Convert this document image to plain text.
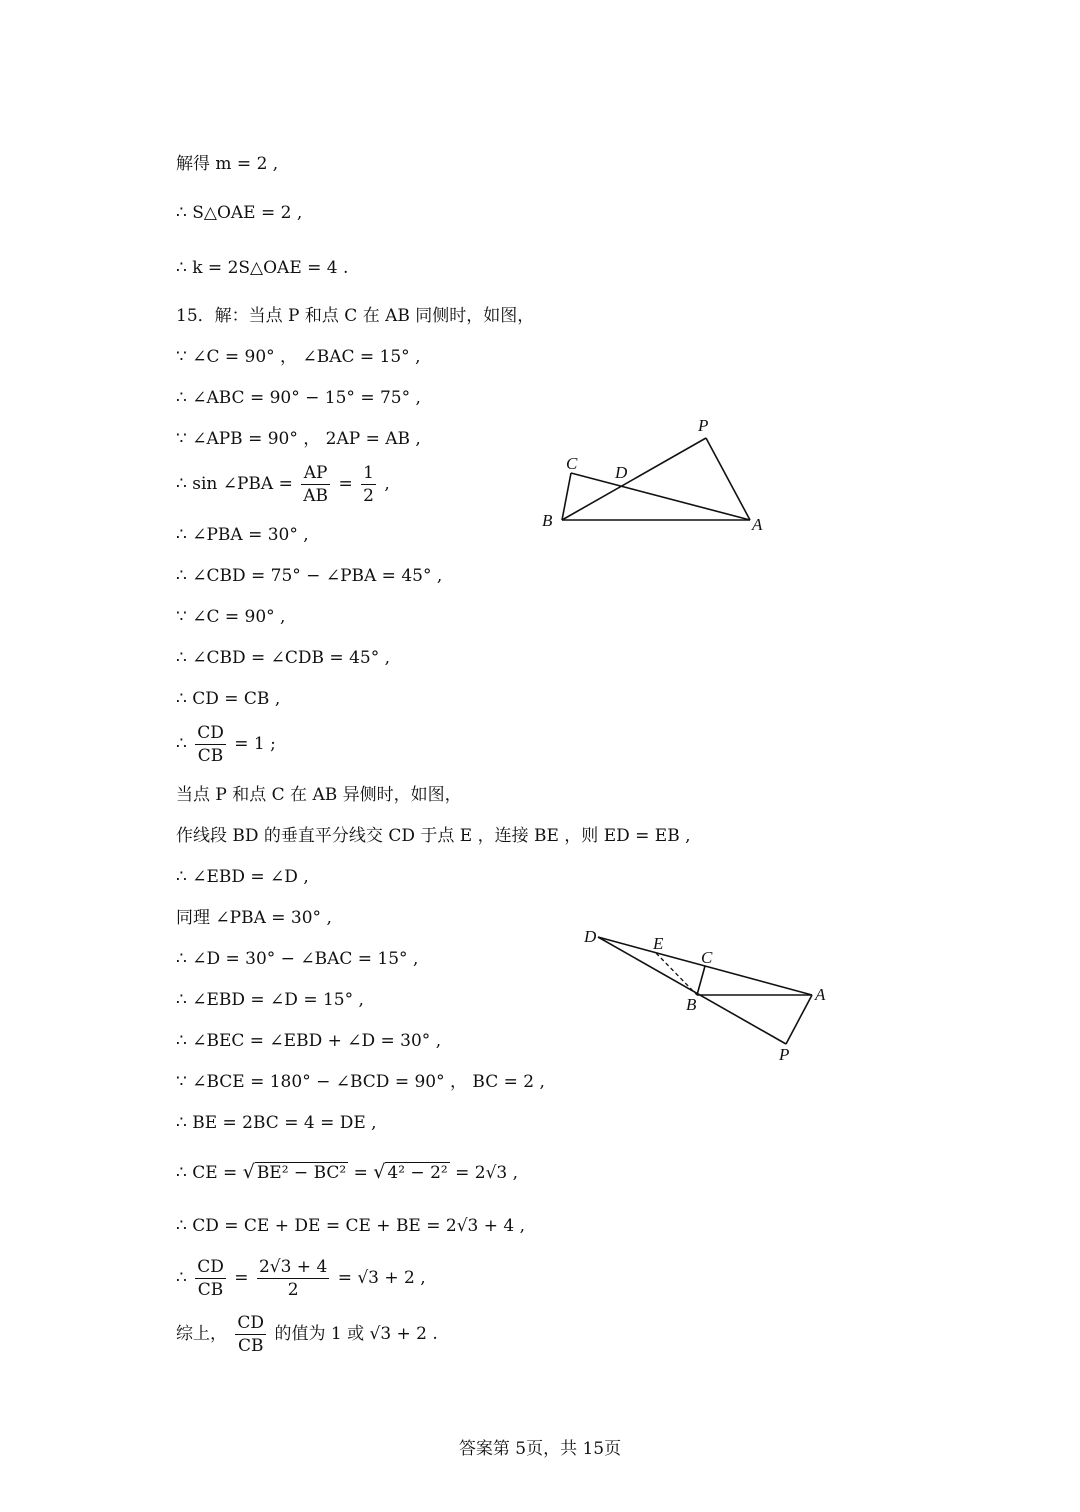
解得 m = 2 ,
∴ S△OAE = 2 ,
∴ k = 2S△OAE = 4 .
15．解：当点 P 和点 C 在 AB 同侧时，如图，
∵ ∠C = 90° ， ∠BAC = 15° ,
∴ ∠ABC = 90° − 15° = 75° ,
∵ ∠APB = 90° ， 2AP = AB ,
∴ sin ∠PBA = $\frac{AP}{AB} = \frac{1}{2}$ ,
∴ ∠PBA = 30° ,
∴ ∠CBD = 75° − ∠PBA = 45° ,
∵ ∠C = 90° ,
∴ ∠CBD = ∠CDB = 45° ,
∴ CD = CB ,
∴ $\frac{CD}{CB} = 1$ ;
当点 P 和点 C 在 AB 异侧时，如图，
作线段 BD 的垂直平分线交 CD 于点 E ，连接 BE ，则 ED = EB ,
∴ ∠EBD = ∠D ,
同理 ∠PBA = 30° ,
∴ ∠D = 30° − ∠BAC = 15° ,
∴ ∠EBD = ∠D = 15° ,
∴ ∠BEC = ∠EBD + ∠D = 30° ,
∵ ∠BCE = 180° − ∠BCD = 90° ， BC = 2 ,
∴ BE = 2BC = 4 = DE ,
∴ CE = √ BE² − BC² = √ 4² − 2² = 2√3 ,
∴ CD = CE + DE = CE + BE = 2√3 + 4 ,
∴ $\frac{CD}{CB} = \frac{2√3 + 4}{2} = √3 + 2$ ,
综上， $\frac{CD}{CB}$ 的值为 1 或 √3 + 2 .
P
C D
B	A
D	E
C
B
A
P
答案第 5页，共 15页
